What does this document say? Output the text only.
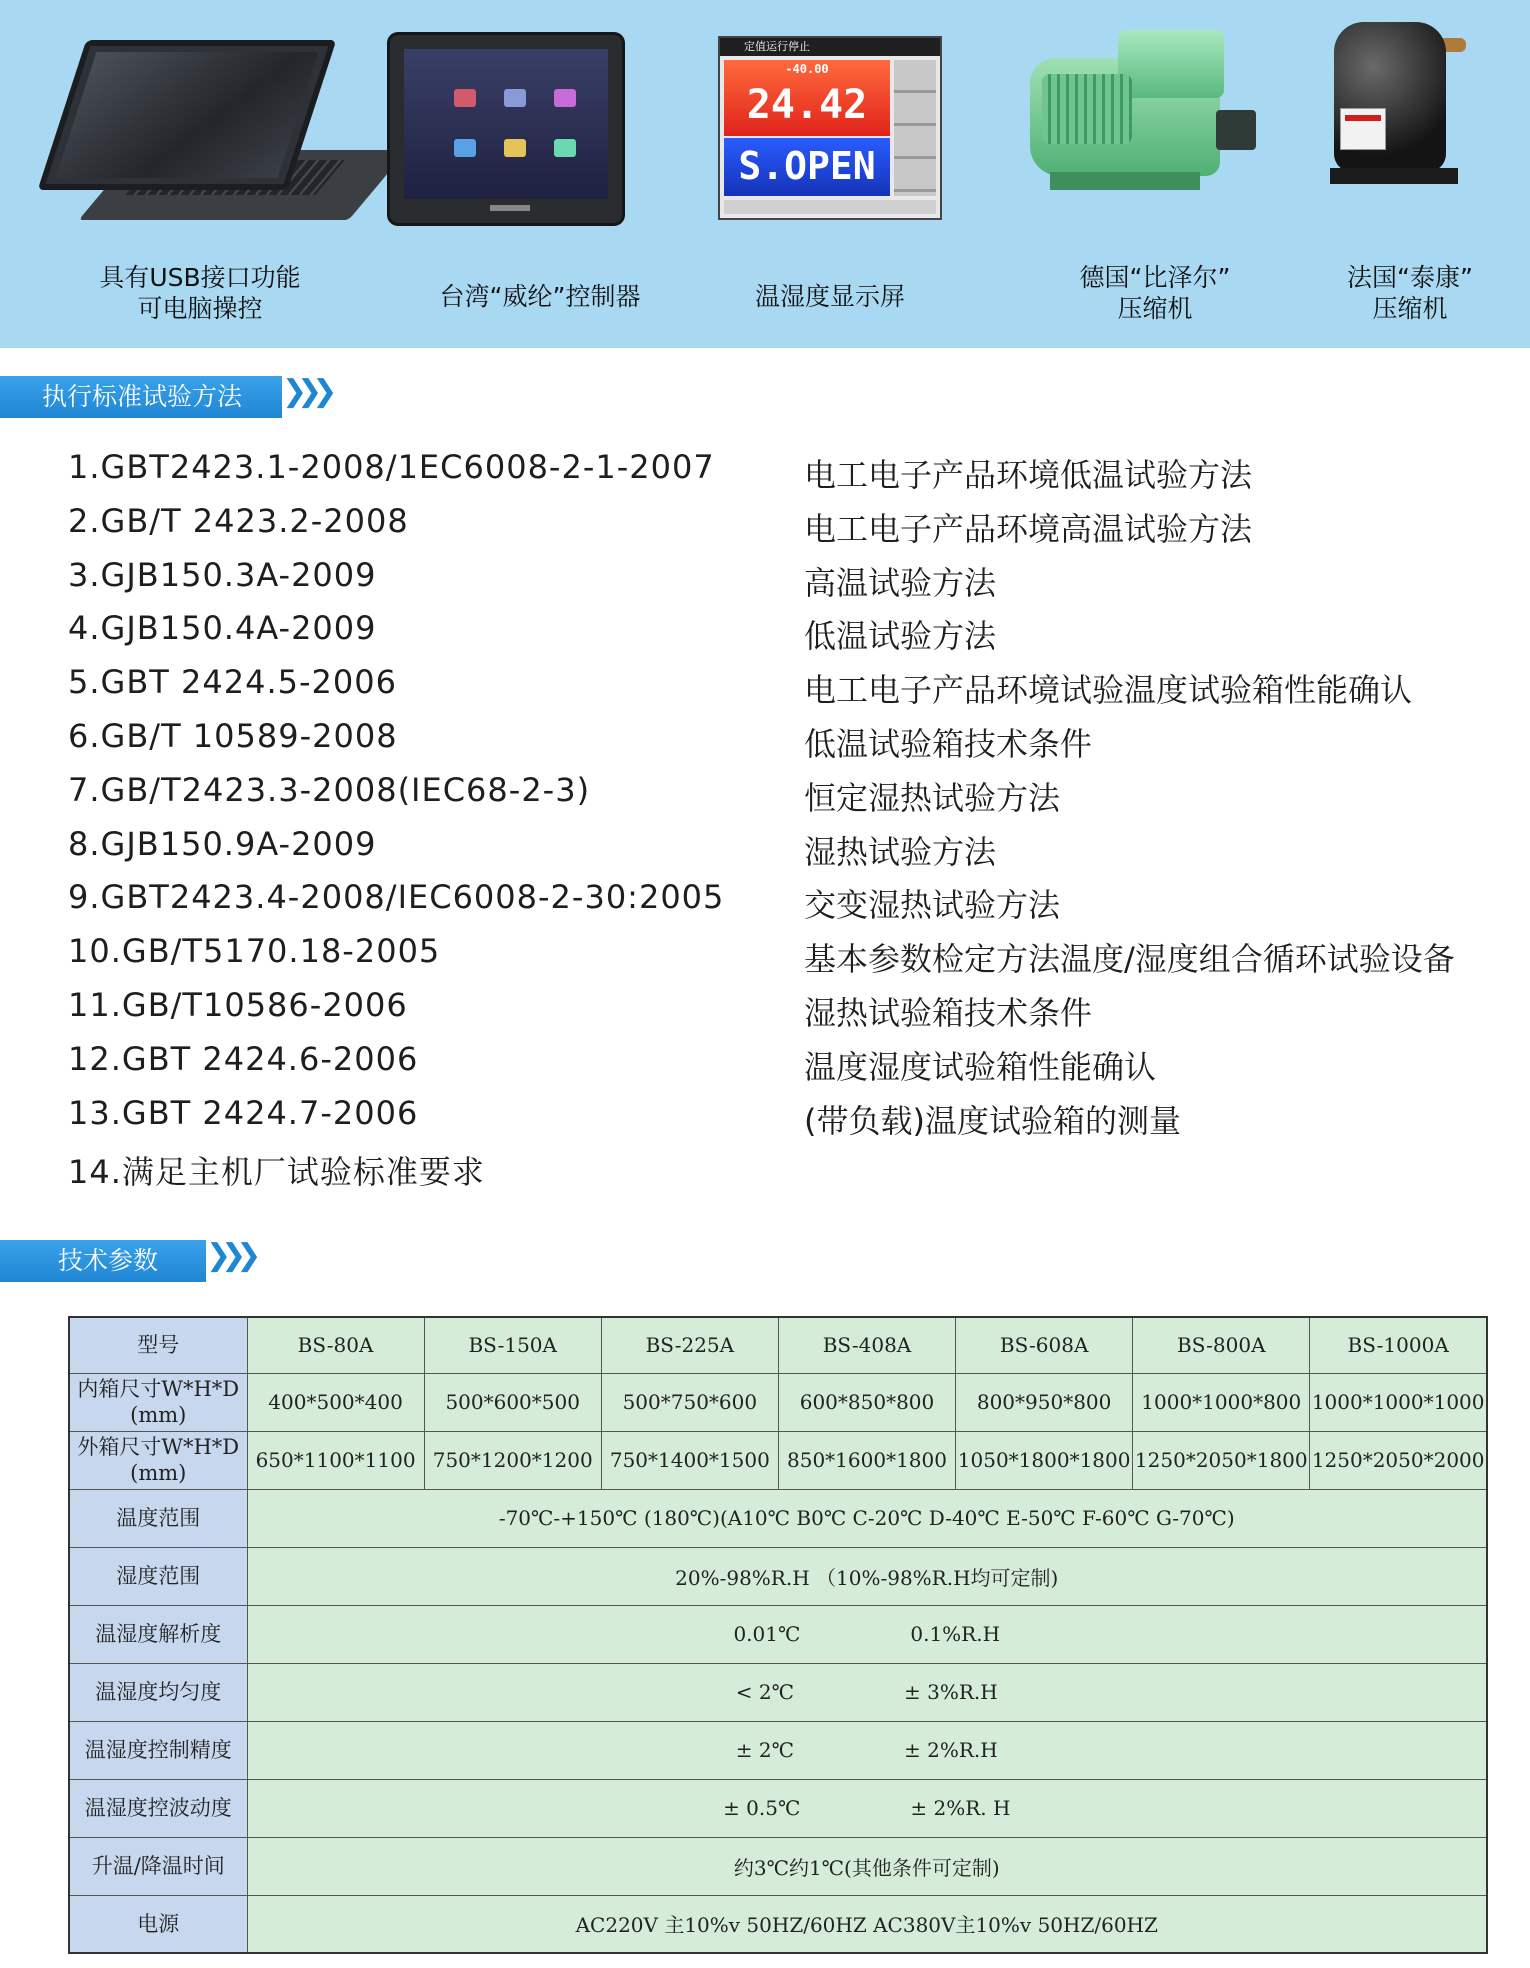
具有USB接口功能
可电脑操控	台湾“威纶”控制器
定值运行停止
-40.00
24.42
S.OPEN
温湿度显示屏
德国“比泽尔”
压缩机
法国“泰康”
压缩机
执行标准试验方法	❯❯❯
1.GBT2423.1-2008/1EC6008-2-1-2007	电工电子产品环境低温试验方法
2.GB/T 2423.2-2008	电工电子产品环境高温试验方法
3.GJB150.3A-2009	高温试验方法
4.GJB150.4A-2009	低温试验方法
5.GBT 2424.5-2006	电工电子产品环境试验温度试验箱性能确认
6.GB/T 10589-2008	低温试验箱技术条件
7.GB/T2423.3-2008(IEC68-2-3)	恒定湿热试验方法
8.GJB150.9A-2009	湿热试验方法
9.GBT2423.4-2008/IEC6008-2-30:2005 交变湿热试验方法
10.GB/T5170.18-2005	基本参数检定方法温度/湿度组合循环试验设备
11.GB/T10586-2006	湿热试验箱技术条件
12.GBT 2424.6-2006	温度湿度试验箱性能确认
13.GBT 2424.7-2006	(带负载)温度试验箱的测量
14.满足主机厂试验标准要求
技术参数	❯❯❯
型号	BS-80A	BS-150A	BS-225A	BS-408A	BS-608A	BS-800A	BS-1000A

内箱尺寸W*H*D
(mm)	400*500*400	500*600*500	500*750*600	600*850*800	800*950*800	1000*1000*800	1000*1000*1000

外箱尺寸W*H*D
(mm)	650*1100*1100	750*1200*1200	750*1400*1500	850*1600*1800	1050*1800*1800	1250*2050*1800	1250*2050*2000
温度范围	-70℃-+150℃ (180℃)(A10℃ B0℃ C-20℃ D-40℃ E-50℃ F-60℃ G-70℃)						
湿度范围	20%-98%R.H （10%-98%R.H均可定制)						
温湿度解析度	0.01℃ 0.1%R.H						
温湿度均匀度	< 2℃ ± 3%R.H						
温湿度控制精度	± 2℃ ± 2%R.H						
温湿度控波动度	± 0.5℃ ± 2%R. H						
升温/降温时间	约3℃约1℃(其他条件可定制)						
电源	AC220V 主10%v 50HZ/60HZ AC380V主10%v 50HZ/60HZ						
